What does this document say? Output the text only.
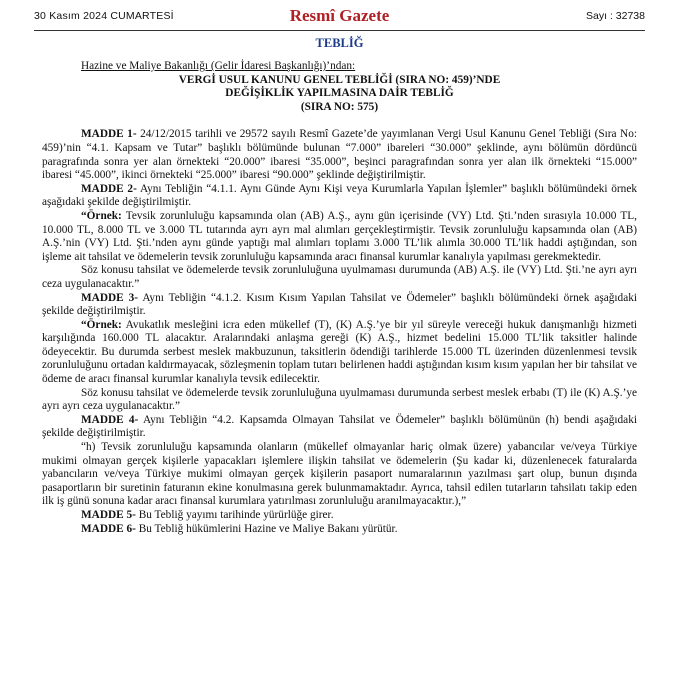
30 Kasım 2024 CUMARTESİ	Resmî Gazete	Sayı : 32738
TEBLİĞ
Hazine ve Maliye Bakanlığı (Gelir İdaresi Başkanlığı)’ndan:
VERGİ USUL KANUNU GENEL TEBLİĞİ (SIRA NO: 459)’NDE
DEĞİŞİKLİK YAPILMASINA DAİR TEBLİĞ
(SIRA NO: 575)

MADDE 1- 24/12/2015 tarihli ve 29572 sayılı Resmî Gazete’de yayımlanan Vergi Usul Kanunu Genel Tebliği (Sıra No: 459)’nin “4.1. Kapsam ve Tutar” başlıklı bölümünde bulunan “7.000” ibareleri “30.000” şeklinde, aynı bölümün dördüncü paragrafında sonra yer alan örnekteki “20.000” ibaresi “35.000”, beşinci paragrafından sonra yer alan ilk örnekteki “15.000” ibaresi “45.000”, ikinci örnekteki “25.000” ibaresi “90.000” şeklinde değiştirilmiştir.

MADDE 2- Aynı Tebliğin “4.1.1. Aynı Günde Aynı Kişi veya Kurumlarla Yapılan İşlemler” başlıklı bölümündeki örnek aşağıdaki şekilde değiştirilmiştir.

“Örnek: Tevsik zorunluluğu kapsamında olan (AB) A.Ş., aynı gün içerisinde (VY) Ltd. Şti.’nden sırasıyla 10.000 TL, 10.000 TL, 8.000 TL ve 3.000 TL tutarında ayrı ayrı mal alımları gerçekleştirmiştir. Tevsik zorunluluğu kapsamında olan (AB) A.Ş.’nin (VY) Ltd. Şti.’nden aynı günde yaptığı mal alımları toplamı 3.000 TL’lik alımla 30.000 TL’lik haddi aştığından, son işleme ait tahsilat ve ödemelerin tevsik zorunluluğu kapsamında aracı finansal kurumlar kanalıyla yapılması gerekmektedir.

Söz konusu tahsilat ve ödemelerde tevsik zorunluluğuna uyulmaması durumunda (AB) A.Ş. ile (VY) Ltd. Şti.’ne ayrı ayrı ceza uygulanacaktır.”

MADDE 3- Aynı Tebliğin “4.1.2. Kısım Kısım Yapılan Tahsilat ve Ödemeler” başlıklı bölümündeki örnek aşağıdaki şekilde değiştirilmiştir.

“Örnek: Avukatlık mesleğini icra eden mükellef (T), (K) A.Ş.’ye bir yıl süreyle vereceği hukuk danışmanlığı hizmeti karşılığında 160.000 TL alacaktır. Aralarındaki anlaşma gereği (K) A.Ş., hizmet bedelini 15.000 TL’lik taksitler halinde ödeyecektir. Bu durumda serbest meslek makbuzunun, taksitlerin ödendiği tarihlerde 15.000 TL üzerinden düzenlenmesi tevsik zorunluluğunu ortadan kaldırmayacak, sözleşmenin toplam tutarı belirlenen haddi aştığından kısım kısım yapılan her bir tahsilat ve ödeme de aracı finansal kurumlar kanalıyla tevsik edilecektir.

Söz konusu tahsilat ve ödemelerde tevsik zorunluluğuna uyulmaması durumunda serbest meslek erbabı (T) ile (K) A.Ş.’ye ayrı ayrı ceza uygulanacaktır.”

MADDE 4- Aynı Tebliğin “4.2. Kapsamda Olmayan Tahsilat ve Ödemeler” başlıklı bölümünün (h) bendi aşağıdaki şekilde değiştirilmiştir.

“h) Tevsik zorunluluğu kapsamında olanların (mükellef olmayanlar hariç olmak üzere) yabancılar ve/veya Türkiye mukimi olmayan gerçek kişilerle yapacakları işlemlere ilişkin tahsilat ve ödemelerin (Şu kadar ki, düzenlenecek faturalarda yabancıların ve/veya Türkiye mukimi olmayan gerçek kişilerin pasaport numaralarının yazılması şart olup, bunun dışında pasaportların bir suretinin faturanın ekine konulmasına gerek bulunmamaktadır. Ayrıca, tahsil edilen tutarların tahsilatı takip eden ilk iş günü sonuna kadar aracı finansal kurumlara yatırılması zorunluluğu aranılmayacaktır.),”

MADDE 5- Bu Tebliğ yayımı tarihinde yürürlüğe girer.

MADDE 6- Bu Tebliğ hükümlerini Hazine ve Maliye Bakanı yürütür.
